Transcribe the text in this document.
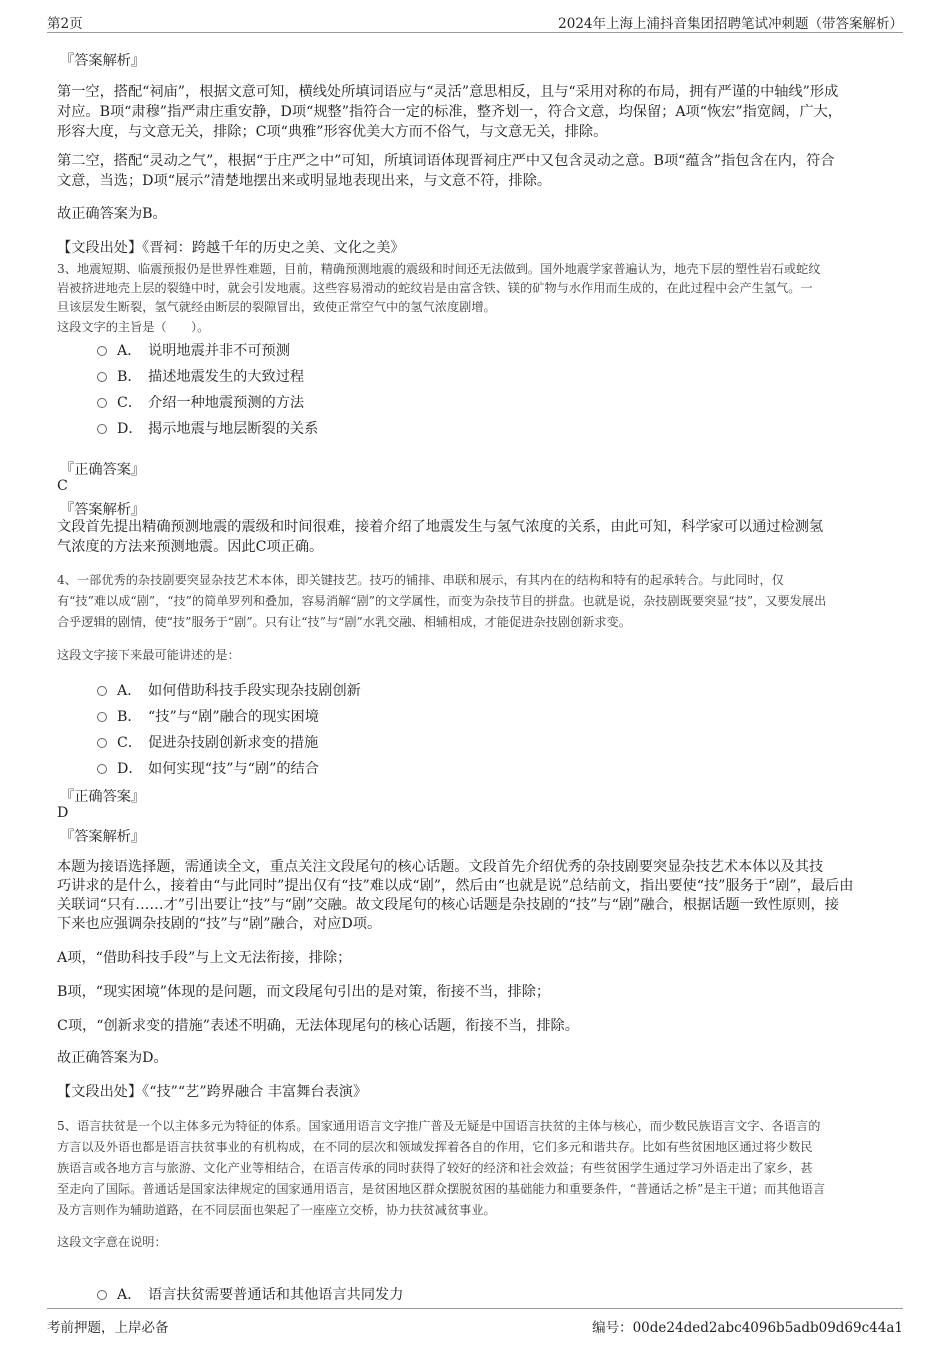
第2页	2024年上海上浦抖音集团招聘笔试冲刺题（带答案解析）

『答案解析』

第一空，搭配“祠庙”，根据文意可知，横线处所填词语应与“灵活”意思相反，且与“采用对称的布局，拥有严谨的中轴线”形成
对应。B项“肃穆”指严肃庄重安静，D项“规整”指符合一定的标准，整齐划一，符合文意，均保留；A项“恢宏”指宽阔，广大，
形容大度，与文意无关，排除；C项“典雅”形容优美大方而不俗气，与文意无关，排除。
第二空，搭配“灵动之气”，根据“于庄严之中”可知，所填词语体现晋祠庄严中又包含灵动之意。B项“蕴含”指包含在内，符合
文意，当选；D项“展示”清楚地摆出来或明显地表现出来，与文意不符，排除。

故正确答案为B。

【文段出处】《晋祠：跨越千年的历史之美、文化之美》

3、地震短期、临震预报仍是世界性难题，目前，精确预测地震的震级和时间还无法做到。国外地震学家普遍认为，地壳下层的塑性岩石或蛇纹
岩被挤进地壳上层的裂缝中时，就会引发地震。这些容易滑动的蛇纹岩是由富含铁、镁的矿物与水作用而生成的，在此过程中会产生氢气。一
旦该层发生断裂，氢气就经由断层的裂隙冒出，致使正常空气中的氢气浓度剧增。

这段文字的主旨是（　　）。

A． 说明地震并非不可预测
B． 描述地震发生的大致过程
C． 介绍一种地震预测的方法
D． 揭示地震与地层断裂的关系

『正确答案』

C

『答案解析』

文段首先提出精确预测地震的震级和时间很难，接着介绍了地震发生与氢气浓度的关系，由此可知，科学家可以通过检测氢
气浓度的方法来预测地震。因此C项正确。
4、一部优秀的杂技剧要突显杂技艺术本体，即关键技艺。技巧的铺排、串联和展示，有其内在的结构和特有的起承转合。与此同时，仅
有“技”难以成“剧”，“技”的简单罗列和叠加，容易消解“剧”的文学属性，而变为杂技节目的拼盘。也就是说，杂技剧既要突显“技”，又要发展出
合乎逻辑的剧情，使“技”服务于“剧”。只有让“技”与“剧”水乳交融、相辅相成，才能促进杂技剧创新求变。

这段文字接下来最可能讲述的是：

A． 如何借助科技手段实现杂技剧创新
B． “技”与“剧”融合的现实困境
C． 促进杂技剧创新求变的措施
D． 如何实现“技”与“剧”的结合

『正确答案』

D

『答案解析』

本题为接语选择题，需通读全文，重点关注文段尾句的核心话题。文段首先介绍优秀的杂技剧要突显杂技艺术本体以及其技
巧讲求的是什么，接着由“与此同时”提出仅有“技”难以成“剧”，然后由“也就是说”总结前文，指出要使“技”服务于“剧”，最后由
关联词“只有……才”引出要让“技”与“剧”交融。故文段尾句的核心话题是杂技剧的“技”与“剧”融合，根据话题一致性原则，接
下来也应强调杂技剧的“技”与“剧”融合，对应D项。

A项，“借助科技手段”与上文无法衔接，排除；

B项，“现实困境”体现的是问题，而文段尾句引出的是对策，衔接不当，排除；

C项，“创新求变的措施”表述不明确，无法体现尾句的核心话题，衔接不当，排除。

故正确答案为D。

【文段出处】《“技”“艺”跨界融合 丰富舞台表演》

5、语言扶贫是一个以主体多元为特征的体系。国家通用语言文字推广普及无疑是中国语言扶贫的主体与核心，而少数民族语言文字、各语言的
方言以及外语也都是语言扶贫事业的有机构成，在不同的层次和领域发挥着各自的作用，它们多元和谐共存。比如有些贫困地区通过将少数民
族语言或各地方言与旅游、文化产业等相结合，在语言传承的同时获得了较好的经济和社会效益；有些贫困学生通过学习外语走出了家乡，甚
至走向了国际。普通话是国家法律规定的国家通用语言，是贫困地区群众摆脱贫困的基础能力和重要条件，“普通话之桥”是主干道；而其他语言
及方言则作为辅助道路，在不同层面也架起了一座座立交桥，协力扶贫减贫事业。

这段文字意在说明：

A． 语言扶贫需要普通话和其他语言共同发力
考前押题，上岸必备	编号：00de24ded2abc4096b5adb09d69c44a1
